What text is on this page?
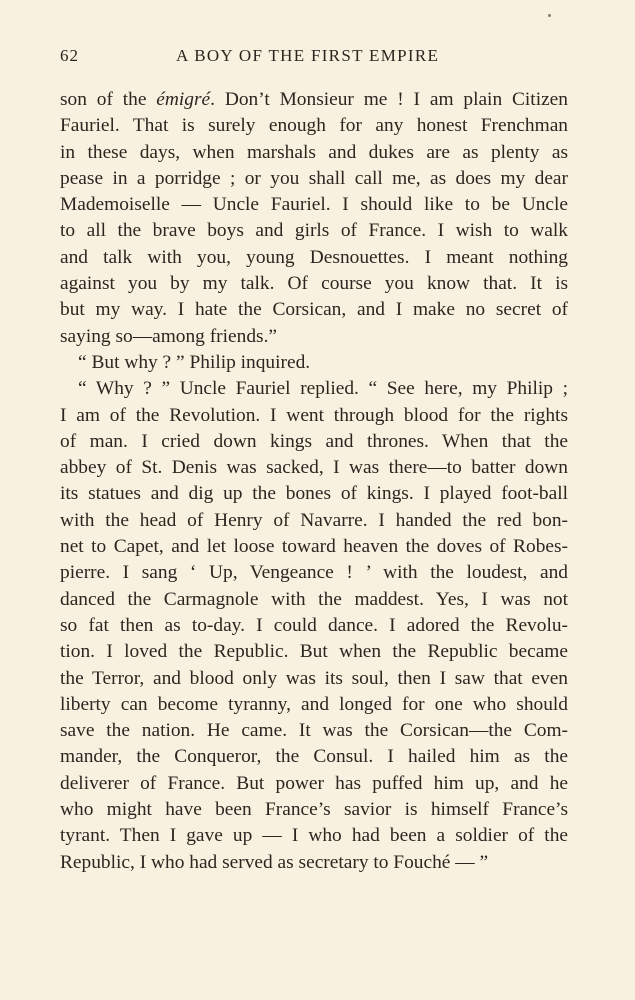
62	A BOY OF THE FIRST EMPIRE
son of the émigré. Don’t Monsieur me ! I am plain Citizen
Fauriel. That is surely enough for any honest Frenchman
in these days, when marshals and dukes are as plenty as
pease in a porridge ; or you shall call me, as does my dear
Mademoiselle — Uncle Fauriel. I should like to be Uncle
to all the brave boys and girls of France. I wish to walk
and talk with you, young Desnouettes. I meant nothing
against you by my talk. Of course you know that. It is
but my way. I hate the Corsican, and I make no secret of
saying so—among friends.”
“ But why ? ” Philip inquired.
“ Why ? ” Uncle Fauriel replied. “ See here, my Philip ;
I am of the Revolution. I went through blood for the rights
of man. I cried down kings and thrones. When that the
abbey of St. Denis was sacked, I was there—to batter down
its statues and dig up the bones of kings. I played foot-ball
with the head of Henry of Navarre. I handed the red bon-
net to Capet, and let loose toward heaven the doves of Robes-
pierre. I sang ‘ Up, Vengeance ! ’ with the loudest, and
danced the Carmagnole with the maddest. Yes, I was not
so fat then as to-day. I could dance. I adored the Revolu-
tion. I loved the Republic. But when the Republic became
the Terror, and blood only was its soul, then I saw that even
liberty can become tyranny, and longed for one who should
save the nation. He came. It was the Corsican—the Com-
mander, the Conqueror, the Consul. I hailed him as the
deliverer of France. But power has puffed him up, and he
who might have been France’s savior is himself France’s
tyrant. Then I gave up — I who had been a soldier of the
Republic, I who had served as secretary to Fouché — ”
